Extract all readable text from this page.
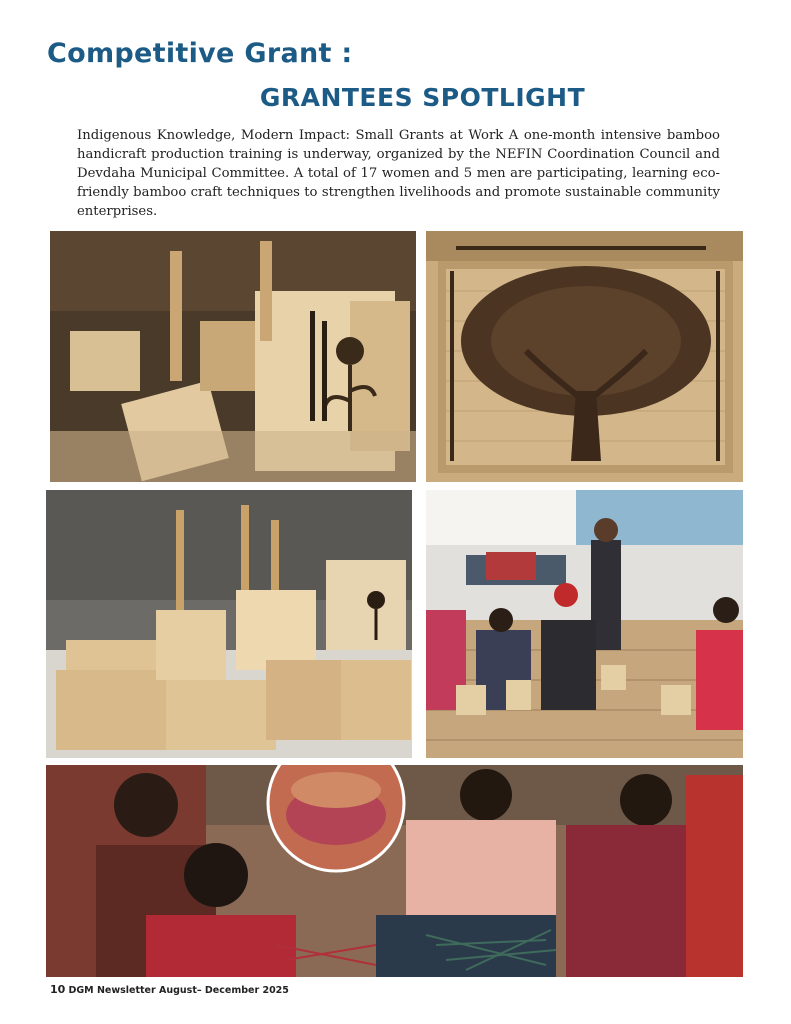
Competitive Grant :
GRANTEES SPOTLIGHT

Indigenous Knowledge, Modern Impact: Small Grants at Work A one-month intensive bamboo handicraft production training is underway, organized by the NEFIN Coordination Council and Devdaha Municipal Committee. A total of 17 women and 5 men are participating, learning eco-friendly bamboo craft techniques to strengthen livelihoods and promote sustainable community enterprises.

10 DGM Newsletter August– December 2025
